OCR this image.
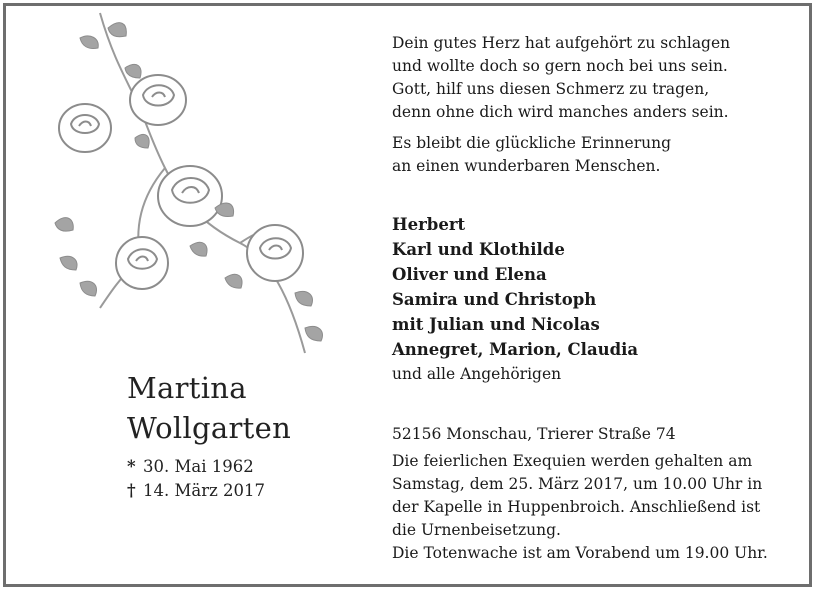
Martina
Wollgarten
* 30. Mai 1962
† 14. März 2017

Dein gutes Herz hat aufgehört zu schlagen
und wollte doch so gern noch bei uns sein.
Gott, hilf uns diesen Schmerz zu tragen,
denn ohne dich wird manches anders sein.

Es bleibt die glückliche Erinnerung
an einen wunderbaren Menschen.

Herbert
Karl und Klothilde
Oliver und Elena
Samira und Christoph
mit Julian und Nicolas
Annegret, Marion, Claudia
und alle Angehörigen
52156 Monschau, Trierer Straße 74
Die feierlichen Exequien werden gehalten am
Samstag, dem 25. März 2017, um 10.00 Uhr in
der Kapelle in Huppenbroich. Anschließend ist
die Urnenbeisetzung.
Die Totenwache ist am Vorabend um 19.00 Uhr.
